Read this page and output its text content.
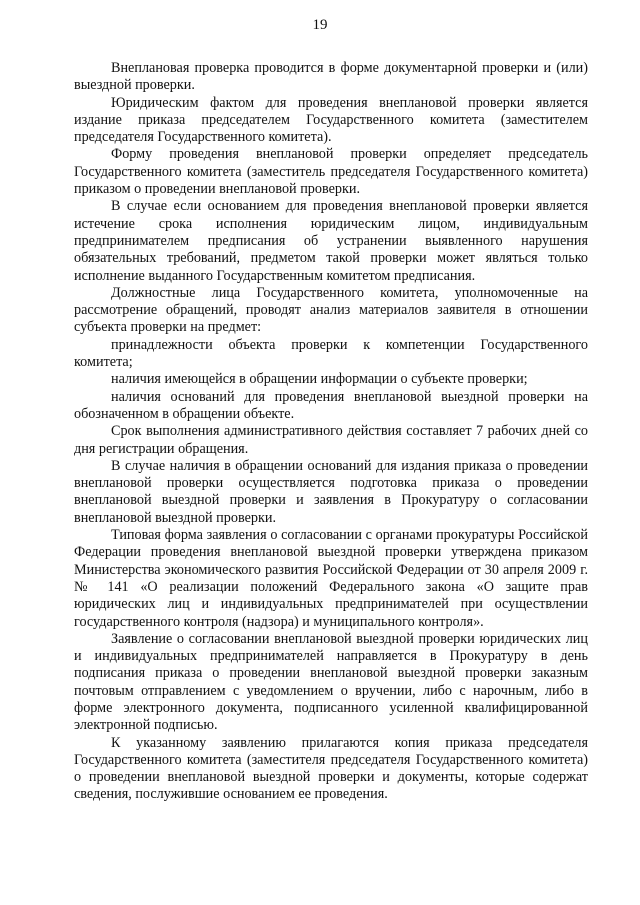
19

Внеплановая проверка проводится в форме документарной проверки и (или) выездной проверки.

Юридическим фактом для проведения внеплановой проверки является издание приказа председателем Государственного комитета (заместителем председателя Государственного комитета).

Форму проведения внеплановой проверки определяет председатель Государственного комитета (заместитель председателя Государственного комитета) приказом о проведении внеплановой проверки.

В случае если основанием для проведения внеплановой проверки является истечение срока исполнения юридическим лицом, индивидуальным предпринимателем предписания об устранении выявленного нарушения обязательных требований, предметом такой проверки может являться только исполнение выданного Государственным комитетом предписания.

Должностные лица Государственного комитета, уполномоченные на рассмотрение обращений, проводят анализ материалов заявителя в отношении субъекта проверки на предмет:

принадлежности объекта проверки к компетенции Государственного комитета;

наличия имеющейся в обращении информации о субъекте проверки;

наличия оснований для проведения внеплановой выездной проверки на обозначенном в обращении объекте.

Срок выполнения административного действия составляет 7 рабочих дней со дня регистрации обращения.

В случае наличия в обращении оснований для издания приказа о проведении внеплановой проверки осуществляется подготовка приказа о проведении внеплановой выездной проверки и заявления в Прокуратуру о согласовании внеплановой выездной проверки.

Типовая форма заявления о согласовании с органами прокуратуры Российской Федерации проведения внеплановой выездной проверки утверждена приказом Министерства экономического развития Российской Федерации от 30 апреля 2009 г. № 141 «О реализации положений Федерального закона «О защите прав юридических лиц и индивидуальных предпринимателей при осуществлении государственного контроля (надзора) и муниципального контроля».

Заявление о согласовании внеплановой выездной проверки юридических лиц и индивидуальных предпринимателей направляется в Прокуратуру в день подписания приказа о проведении внеплановой выездной проверки заказным почтовым отправлением с уведомлением о вручении, либо с нарочным, либо в форме электронного документа, подписанного усиленной квалифицированной электронной подписью.

К указанному заявлению прилагаются копия приказа председателя Государственного комитета (заместителя председателя Государственного комитета) о проведении внеплановой выездной проверки и документы, которые содержат сведения, послужившие основанием ее проведения.
